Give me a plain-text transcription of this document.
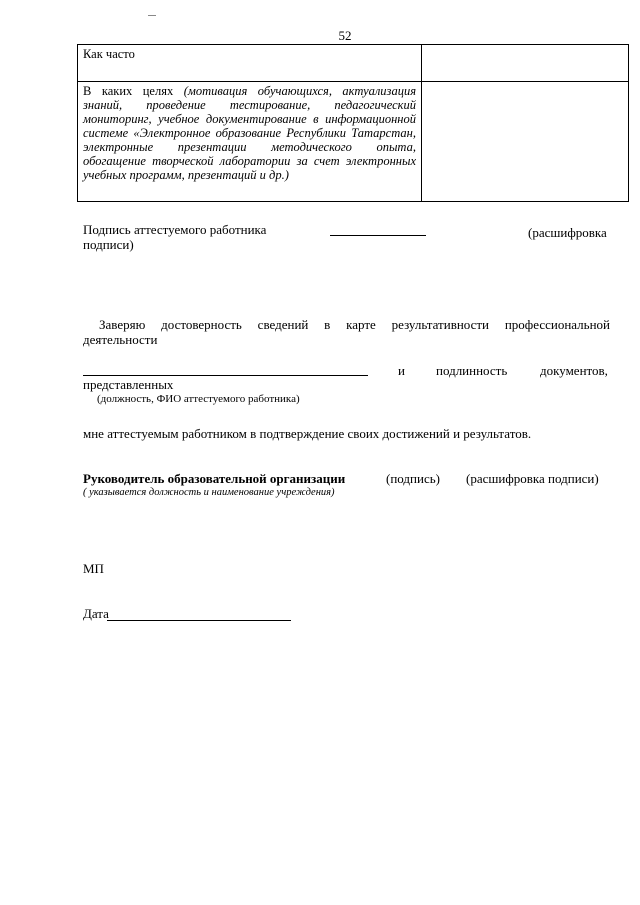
52
Как часто	
В каких целях (мотивация обучающихся, актуализация знаний, проведение тестирование, педагогический мониторинг, учебное документирование в информационной системе «Электронное образование Республики Татарстан, электронные презентации методического опыта, обогащение творческой лаборатории за счет электронных учебных программ, презентаций и др.)	
Подпись аттестуемого работника	(расшифровка
подписи)
Заверяю достоверность сведений в карте результативности профессиональной
деятельности
и подлинность	документов,
представленных
(должность, ФИО аттестуемого работника)
мне аттестуемым работником в подтверждение своих достижений и результатов.
Руководитель образовательной организации	(подпись) (расшифровка подписи)
( указывается должность и наименование учреждения)
МП
Дата
